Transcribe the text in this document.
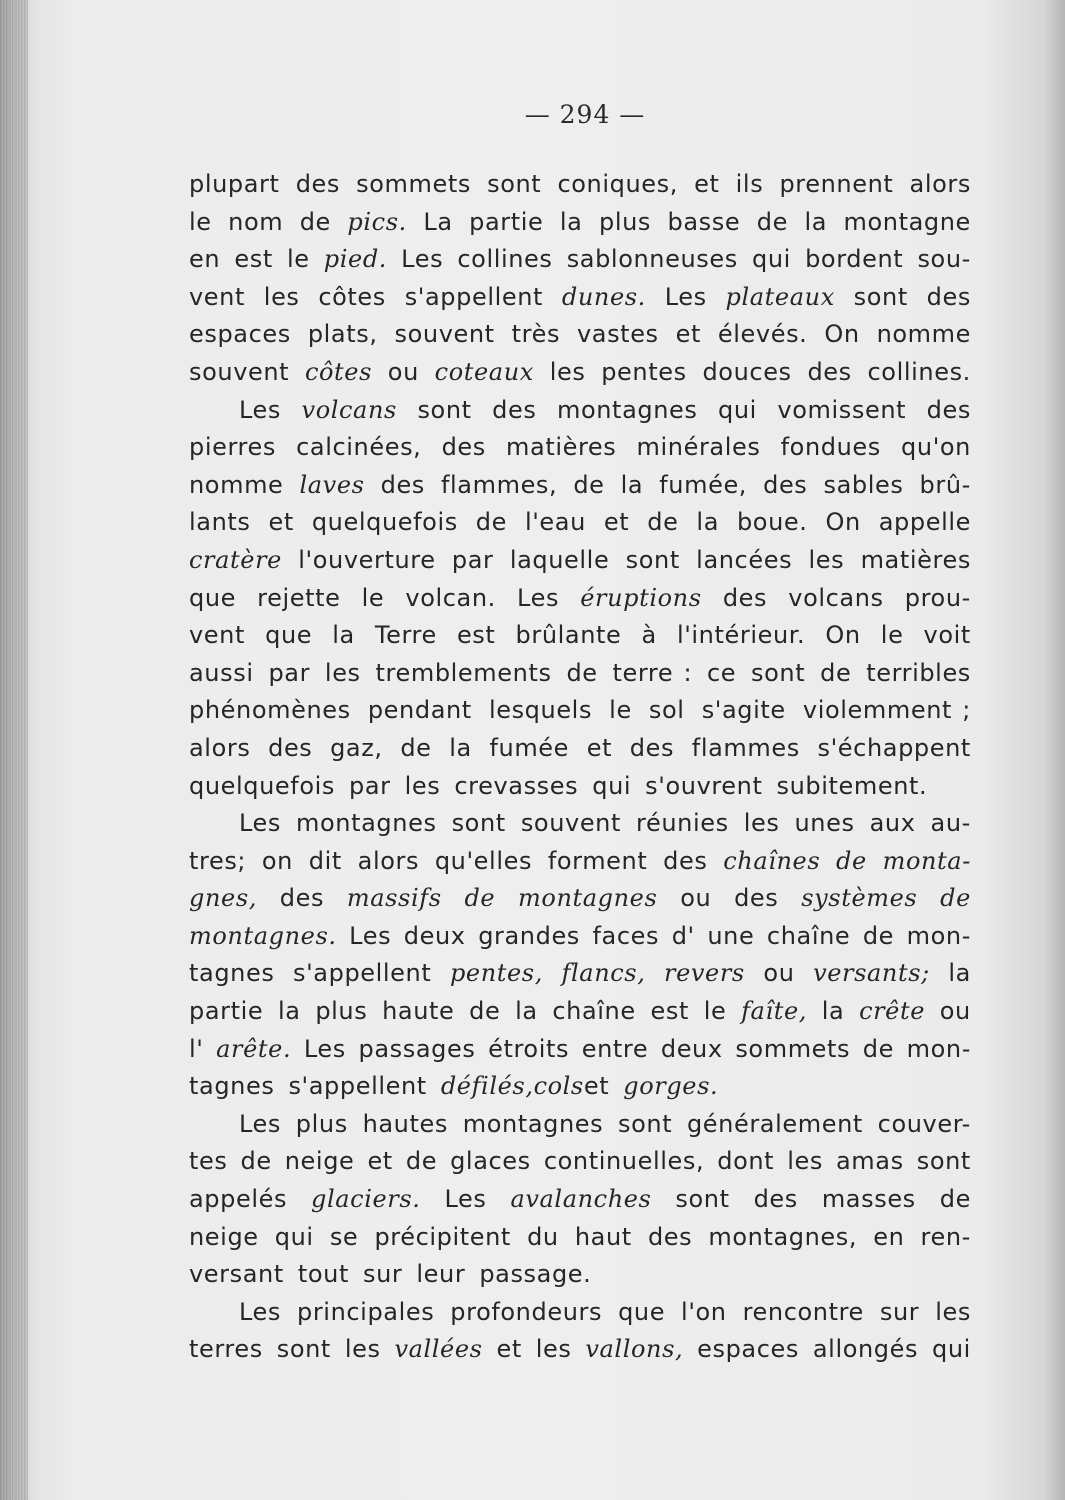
— 294 —
plupart des sommets sont coniques, et ils prennent alors
le nom de pics. La partie la plus basse de la montagne
en est le pied. Les collines sablonneuses qui bordent sou-
vent les côtes s'appellent dunes. Les plateaux sont des
espaces plats, souvent très vastes et élevés. On nomme
souvent côtes ou coteaux les pentes douces des collines.
Les volcans sont des montagnes qui vomissent des
pierres calcinées, des matières minérales fondues qu'on
nomme laves des flammes, de la fumée, des sables brû-
lants et quelquefois de l'eau et de la boue. On appelle
cratère l'ouverture par laquelle sont lancées les matières
que rejette le volcan. Les éruptions des volcans prou-
vent que la Terre est brûlante à l'intérieur. On le voit
aussi par les tremblements de terre : ce sont de terribles
phénomènes pendant lesquels le sol s'agite violemment ;
alors des gaz, de la fumée et des flammes s'échappent
quelquefois par les crevasses qui s'ouvrent subitement.
Les montagnes sont souvent réunies les unes aux au-
tres; on dit alors qu'elles forment des chaînes de monta-
gnes, des massifs de montagnes ou des systèmes de
montagnes. Les deux grandes faces d' une chaîne de mon-
tagnes s'appellent pentes, flancs, revers ou versants; la
partie la plus haute de la chaîne est le faîte, la crête ou
l' arête. Les passages étroits entre deux sommets de mon-
tagnes s'appellent défilés, cols et gorges.
Les plus hautes montagnes sont généralement couver-
tes de neige et de glaces continuelles, dont les amas sont
appelés glaciers. Les avalanches sont des masses de
neige qui se précipitent du haut des montagnes, en ren-
versant tout sur leur passage.
Les principales profondeurs que l'on rencontre sur les
terres sont les vallées et les vallons, espaces allongés qui
